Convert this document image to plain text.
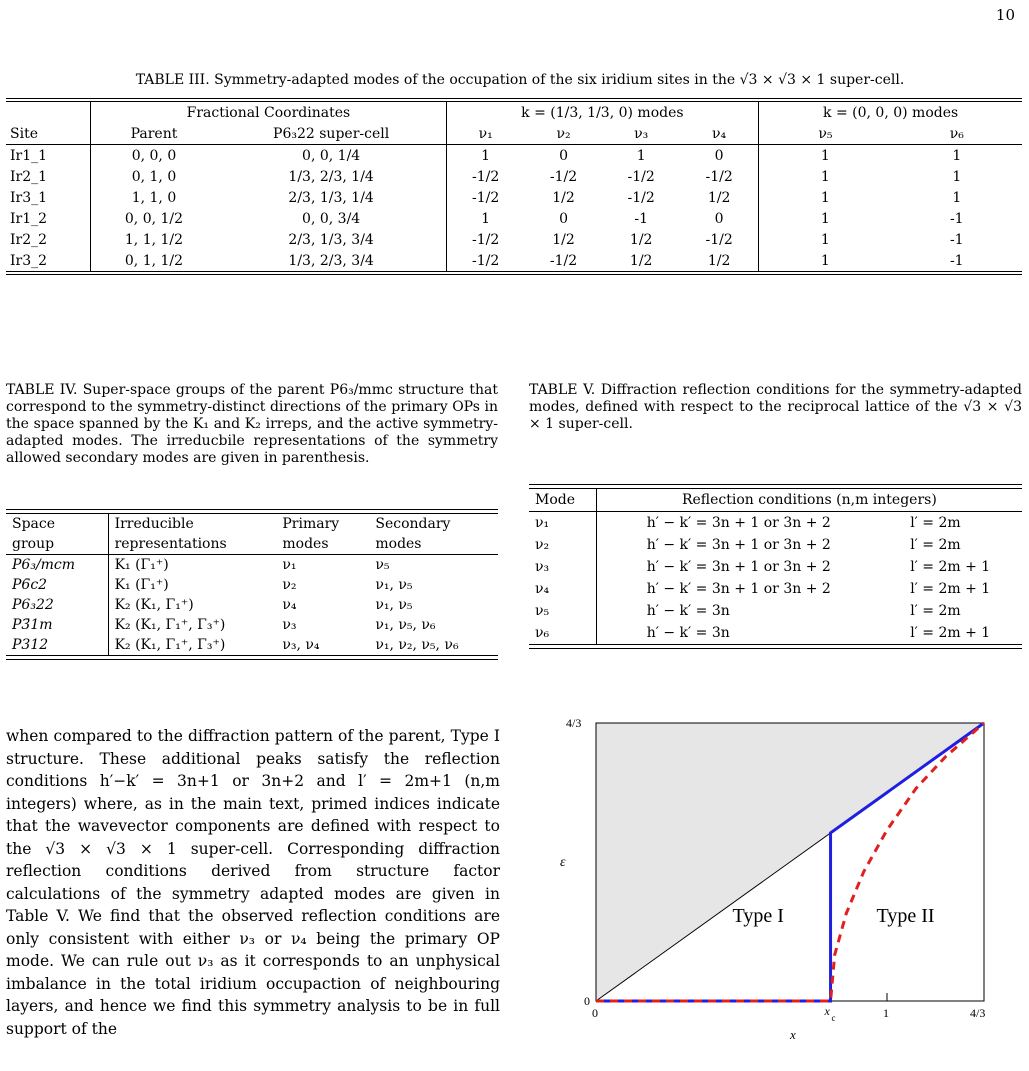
10
TABLE III. Symmetry-adapted modes of the occupation of the six iridium sites in the √3 × √3 × 1 super-cell.
	Fractional Coordinates		k = (1/3, 1/3, 0) modes				k = (0, 0, 0) modes	
Site	Parent	P6₃22 super-cell	ν₁	ν₂	ν₃	ν₄	ν₅	ν₆
Ir1_1	0, 0, 0	0, 0, 1/4	1	0	1	0	1	1
Ir2_1	0, 1, 0	1/3, 2/3, 1/4	-1/2	-1/2	-1/2	-1/2	1	1
Ir3_1	1, 1, 0	2/3, 1/3, 1/4	-1/2	1/2	-1/2	1/2	1	1
Ir1_2	0, 0, 1/2	0, 0, 3/4	1	0	-1	0	1	-1
Ir2_2	1, 1, 1/2	2/3, 1/3, 3/4	-1/2	1/2	1/2	-1/2	1	-1
Ir3_2	0, 1, 1/2	1/3, 2/3, 3/4	-1/2	-1/2	1/2	1/2	1	-1
TABLE IV. Super-space groups of the parent P6₃/mmc structure that correspond to the symmetry-distinct directions of the primary OPs in the space spanned by the K₁ and K₂ irreps, and the active symmetry-adapted modes. The irreducbile representations of the symmetry allowed secondary modes are given in parenthesis.
Space	Irreducible	Primary	Secondary
group	representations	modes	modes
P6₃/mcm	K₁ (Γ₁⁺)	ν₁	ν₅
P6̄c2	K₁ (Γ₁⁺)	ν₂	ν₁, ν₅
P6₃22	K₂ (K₁, Γ₁⁺)	ν₄	ν₁, ν₅
P3̄1m	K₂ (K₁, Γ₁⁺, Γ₃⁺)	ν₃	ν₁, ν₅, ν₆
P312	K₂ (K₁, Γ₁⁺, Γ₃⁺)	ν₃, ν₄	ν₁, ν₂, ν₅, ν₆
TABLE V. Diffraction reflection conditions for the symmetry-adapted modes, defined with respect to the reciprocal lattice of the √3 × √3 × 1 super-cell.
Mode	Reflection conditions (n,m integers)	
ν₁	h′ − k′ = 3n + 1 or 3n + 2	l′ = 2m
ν₂	h′ − k′ = 3n + 1 or 3n + 2	l′ = 2m
ν₃	h′ − k′ = 3n + 1 or 3n + 2	l′ = 2m + 1
ν₄	h′ − k′ = 3n + 1 or 3n + 2	l′ = 2m + 1
ν₅	h′ − k′ = 3n	l′ = 2m
ν₆	h′ − k′ = 3n	l′ = 2m + 1
when compared to the diffraction pattern of the parent, Type I structure. These additional peaks satisfy the reflection conditions h′−k′ = 3n+1 or 3n+2 and l′ = 2m+1 (n,m integers) where, as in the main text, primed indices indicate that the wavevector components are defined with respect to the √3 × √3 × 1 super-cell. Corresponding diffraction reflection conditions derived from structure factor calculations of the symmetry adapted modes are given in Table V. We find that the observed reflection conditions are only consistent with either ν₃ or ν₄ being the primary OP mode. We can rule out ν₃ as it corresponds to an unphysical imbalance in the total iridium occupaction of neighbouring layers, and hence we find this symmetry analysis to be in full support of the
0
4/3
0	x c	1	4/3
ε
x
Type I	Type II
